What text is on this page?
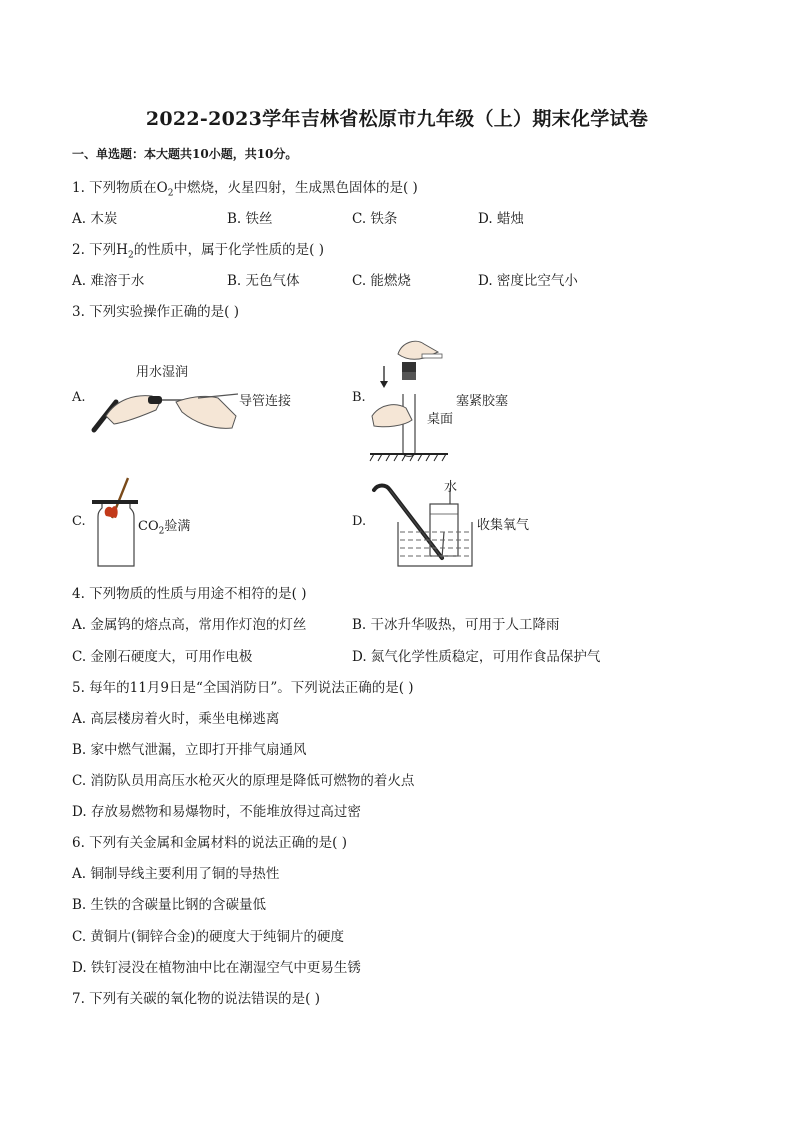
2022-2023学年吉林省松原市九年级（上）期末化学试卷
一、单选题：本大题共10小题，共10分。
1. 下列物质在$O_2$中燃烧，火星四射，生成黑色固体的是( )
A. 木炭	B. 铁丝	C. 铁条	D. 蜡烛
2. 下列$H_2$的性质中，属于化学性质的是( )
A. 难溶于水	B. 无色气体	C. 能燃烧	D. 密度比空气小
3. 下列实验操作正确的是( )
A.
用水湿润
导管连接	B.	塞紧胶塞
桌面
C.	$CO_2$验满	D.
水
收集氧气
4. 下列物质的性质与用途不相符的是( )
A. 金属钨的熔点高，常用作灯泡的灯丝	B. 干冰升华吸热，可用于人工降雨
C. 金刚石硬度大，可用作电极	D. 氮气化学性质稳定，可用作食品保护气
5. 每年的11月9日是“全国消防日”。下列说法正确的是( )
A. 高层楼房着火时，乘坐电梯逃离
B. 家中燃气泄漏，立即打开排气扇通风
C. 消防队员用高压水枪灭火的原理是降低可燃物的着火点
D. 存放易燃物和易爆物时，不能堆放得过高过密
6. 下列有关金属和金属材料的说法正确的是( )
A. 铜制导线主要利用了铜的导热性
B. 生铁的含碳量比钢的含碳量低
C. 黄铜片(铜锌合金)的硬度大于纯铜片的硬度
D. 铁钉浸没在植物油中比在潮湿空气中更易生锈
7. 下列有关碳的氧化物的说法错误的是( )
